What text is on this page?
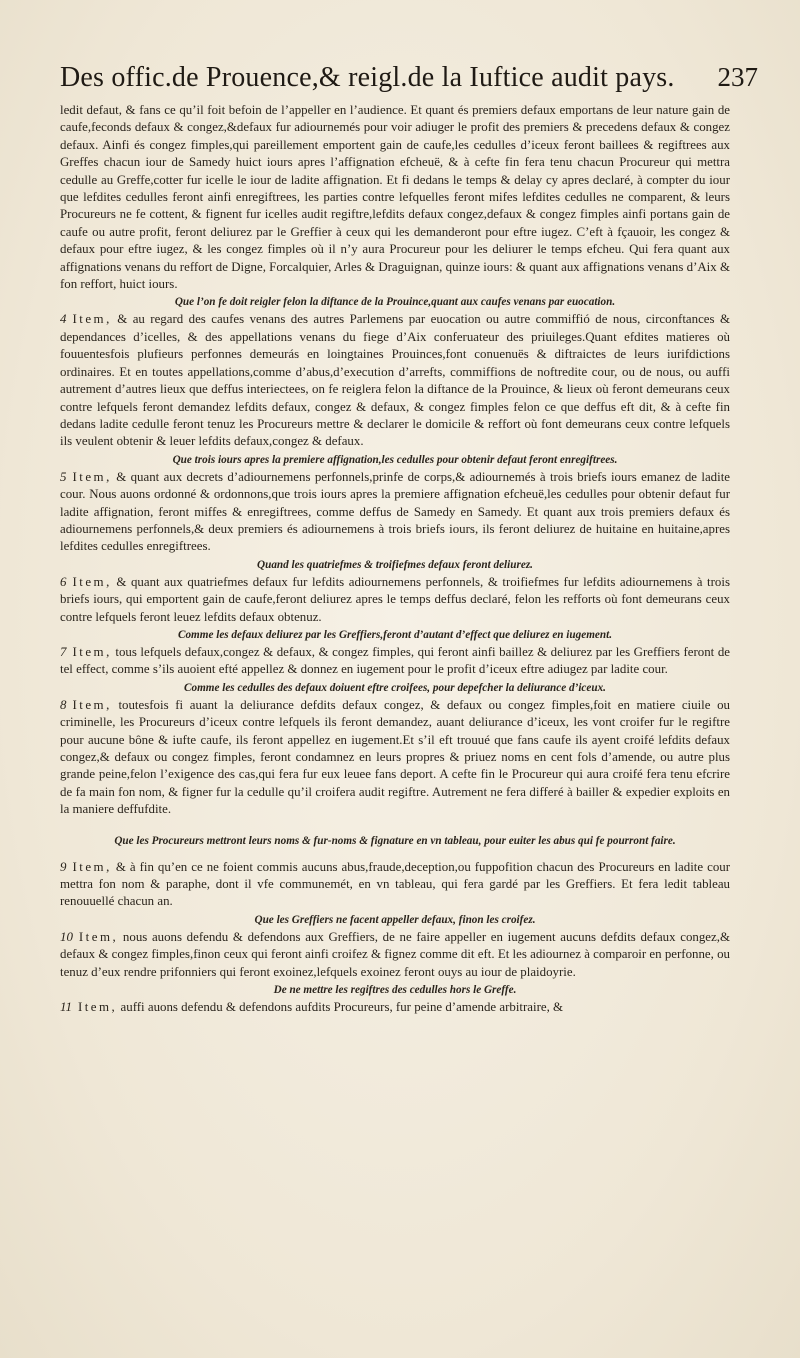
Des offic.de Prouence,& reigl.de la Iuftice audit pays. 237

ledit defaut, & fans ce qu’il foit befoin de l’appeller en l’audience. Et quant és premiers defaux emportans de leur nature gain de caufe,feconds defaux & congez,&defaux fur adiournemés pour voir adiuger le profit des premiers & precedens defaux & congez defaux. Ainfi és congez fimples,qui pareillement emportent gain de caufe,les cedulles d’iceux feront baillees & regiftrees aux Greffes chacun iour de Samedy huict iours apres l’affignation efcheuë, & à cefte fin fera tenu chacun Procureur qui mettra cedulle au Greffe,cotter fur icelle le iour de ladite affignation. Et fi dedans le temps & delay cy apres declaré, à compter du iour que lefdites cedulles feront ainfi enregiftrees, les parties contre lefquelles feront mifes lefdites cedulles ne comparent, & leurs Procureurs ne fe cottent, & fignent fur icelles audit regiftre,lefdits defaux congez,defaux & congez fimples ainfi portans gain de caufe ou autre profit, feront deliurez par le Greffier à ceux qui les demanderont pour eftre iugez. C’eft à fçauoir, les congez & defaux pour eftre iugez, & les congez fimples où il n’y aura Procureur pour les deliurer le temps efcheu. Qui fera quant aux affignations venans du reffort de Digne, Forcalquier, Arles & Draguignan, quinze iours: & quant aux affignations venans d’Aix & fon reffort, huict iours.

Que l’on fe doit reigler felon la diftance de la Prouince,quant aux caufes venans par euocation.

4 Item, & au regard des caufes venans des autres Parlemens par euocation ou autre commiffió de nous, circonftances & dependances d’icelles, & des appellations venans du fiege d’Aix conferuateur des priuileges.Quant efdites matieres où fouuentesfois plufieurs perfonnes demeurás en loingtaines Prouinces,font conuenuës & diftraictes de leurs iurifdictions ordinaires. Et en toutes appellations,comme d’abus,d’execution d’arrefts, commiffions de noftredite cour, ou de nous, ou auffi autrement d’autres lieux que deffus interiectees, on fe reiglera felon la diftance de la Prouince, & lieux où feront demeurans ceux contre lefquels feront demandez lefdits defaux, congez & defaux, & congez fimples felon ce que deffus eft dit, & à cefte fin dedans ladite cedulle feront tenuz les Procureurs mettre & declarer le domicile & reffort où font demeurans ceux contre lefquels ils veulent obtenir & leuer lefdits defaux,congez & defaux.

Que trois iours apres la premiere affignation,les cedulles pour obtenir defaut feront enregiftrees.

5 Item, & quant aux decrets d’adiournemens perfonnels,prinfe de corps,& adiournemés à trois briefs iours emanez de ladite cour. Nous auons ordonné & ordonnons,que trois iours apres la premiere affignation efcheuë,les cedulles pour obtenir defaut fur ladite affignation, feront miffes & enregiftrees, comme deffus de Samedy en Samedy. Et quant aux trois premiers defaux és adiournemens perfonnels,& deux premiers és adiournemens à trois briefs iours, ils feront deliurez de huitaine en huitaine,apres lefdites cedulles enregiftrees.

Quand les quatriefmes & troifiefmes defaux feront deliurez.

6 Item, & quant aux quatriefmes defaux fur lefdits adiournemens perfonnels, & troifiefmes fur lefdits adiournemens à trois briefs iours, qui emportent gain de caufe,feront deliurez apres le temps deffus declaré, felon les refforts où font demeurans ceux contre lefquels feront leuez lefdits defaux obtenuz.

Comme les defaux deliurez par les Greffiers,feront d’autant d’effect que deliurez en iugement.

7 Item, tous lefquels defaux,congez & defaux, & congez fimples, qui feront ainfi baillez & deliurez par les Greffiers feront de tel effect, comme s’ils auoient efté appellez & donnez en iugement pour le profit d’iceux eftre adiugez par ladite cour.

Comme les cedulles des defaux doiuent eftre croifees, pour depefcher la deliurance d’iceux.

8 Item, toutesfois fi auant la deliurance defdits defaux congez, & defaux ou congez fimples,foit en matiere ciuile ou criminelle, les Procureurs d’iceux contre lefquels ils feront demandez, auant deliurance d’iceux, les vont croifer fur le regiftre pour aucune bône & iufte caufe, ils feront appellez en iugement.Et s’il eft trouué que fans caufe ils ayent croifé lefdits defaux congez,& defaux ou congez fimples, feront condamnez en leurs propres & priuez noms en cent fols d’amende, ou autre plus grande peine,felon l’exigence des cas,qui fera fur eux leuee fans deport. A cefte fin le Procureur qui aura croifé fera tenu efcrire de fa main fon nom, & figner fur la cedulle qu’il croifera audit regiftre. Autrement ne fera differé à bailler & expedier exploits en la maniere deffufdite.

Que les Procureurs mettront leurs noms & fur-noms & fignature en vn tableau, pour euiter les abus qui fe pourront faire.

9 Item, & à fin qu’en ce ne foient commis aucuns abus,fraude,deception,ou fuppofition chacun des Procureurs en ladite cour mettra fon nom & paraphe, dont il vfe communemét, en vn tableau, qui fera gardé par les Greffiers. Et fera ledit tableau renouuellé chacun an.

Que les Greffiers ne facent appeller defaux, finon les croifez.

10 Item, nous auons defendu & defendons aux Greffiers, de ne faire appeller en iugement aucuns defdits defaux congez,& defaux & congez fimples,finon ceux qui feront ainfi croifez & fignez comme dit eft. Et les adiournez à comparoir en perfonne, ou tenuz d’eux rendre prifonniers qui feront exoinez,lefquels exoinez feront ouys au iour de plaidoyrie.

De ne mettre les regiftres des cedulles hors le Greffe.

11 Item, auffi auons defendu & defendons aufdits Procureurs, fur peine d’amende arbitraire, &
